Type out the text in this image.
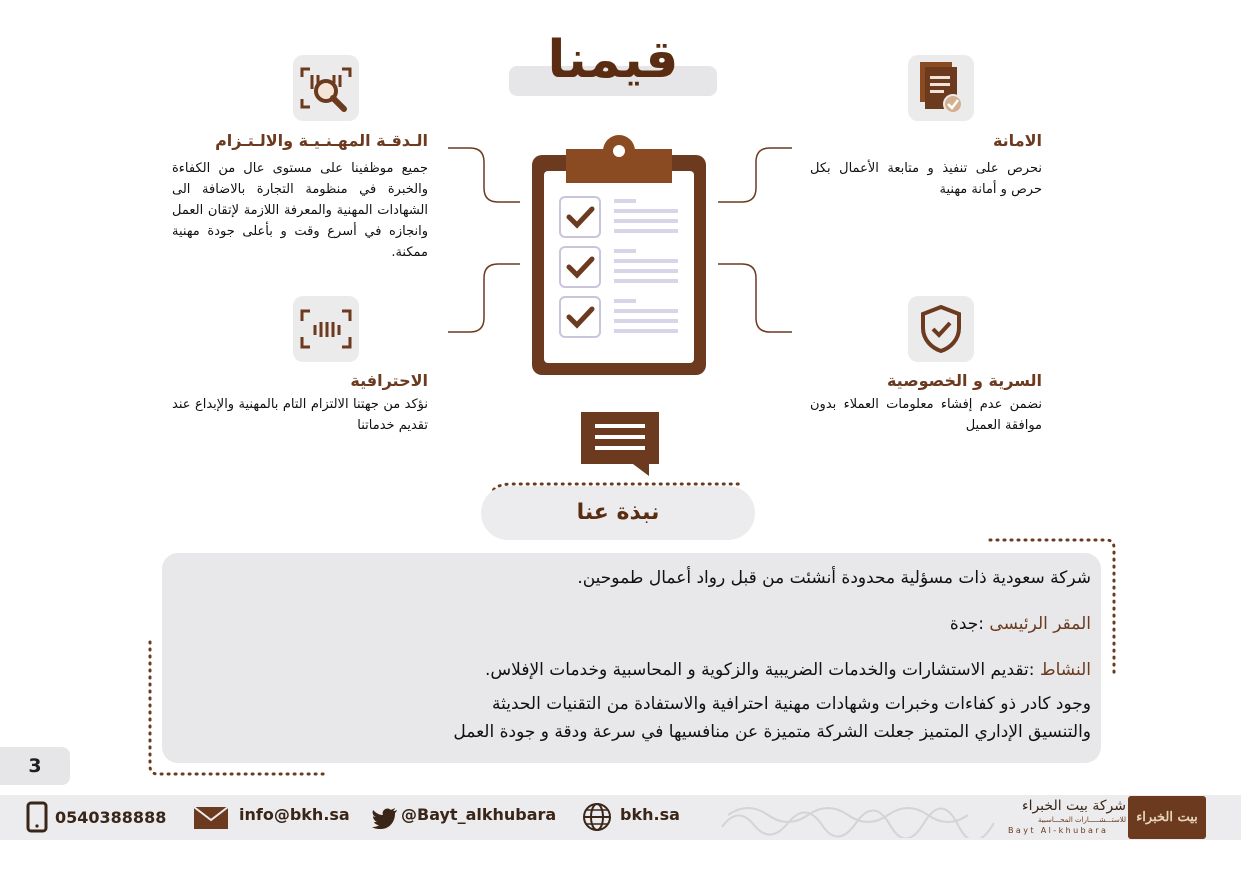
قيمنا
الامانة
نحرص على تنفيذ و متابعة الأعمال بكل حرص و أمانة مهنية
السرية و الخصوصية
نضمن عدم إفشاء معلومات العملاء بدون موافقة العميل
الـدقـة المهـنـيـة والالـتـزام
جميع موظفينا على مستوى عال من الكفاءة والخبرة في منظومة التجارة بالاضافة الى الشهادات المهنية والمعرفة اللازمة لإتقان العمل وانجازه في أسرع وقت و بأعلى جودة مهنية ممكنة.
الاحترافية
نؤكد من جهتنا الالتزام التام بالمهنية والإبداع عند تقديم خدماتنا
نبذة عنا
شركة سعودية ذات مسؤلية محدودة أنشئت من قبل رواد أعمال طموحين.
المقر الرئيسى :جدة
النشاط :تقديم الاستشارات والخدمات الضريبية والزكوية و المحاسبية وخدمات الإفلاس.
وجود كادر ذو كفاءات وخبرات وشهادات مهنية احترافية والاستفادة من التقنيات الحديثة
والتنسيق الإداري المتميز جعلت الشركة متميزة عن منافسيها في سرعة ودقة و جودة العمل
3
0540388888	info@bkh.sa	@Bayt_alkhubara	bkh.sa	شركة بيت الخبراء
للاستـــشـــــارات المحـــاسبية
Bayt Al-khubara
بيت الخبراء
